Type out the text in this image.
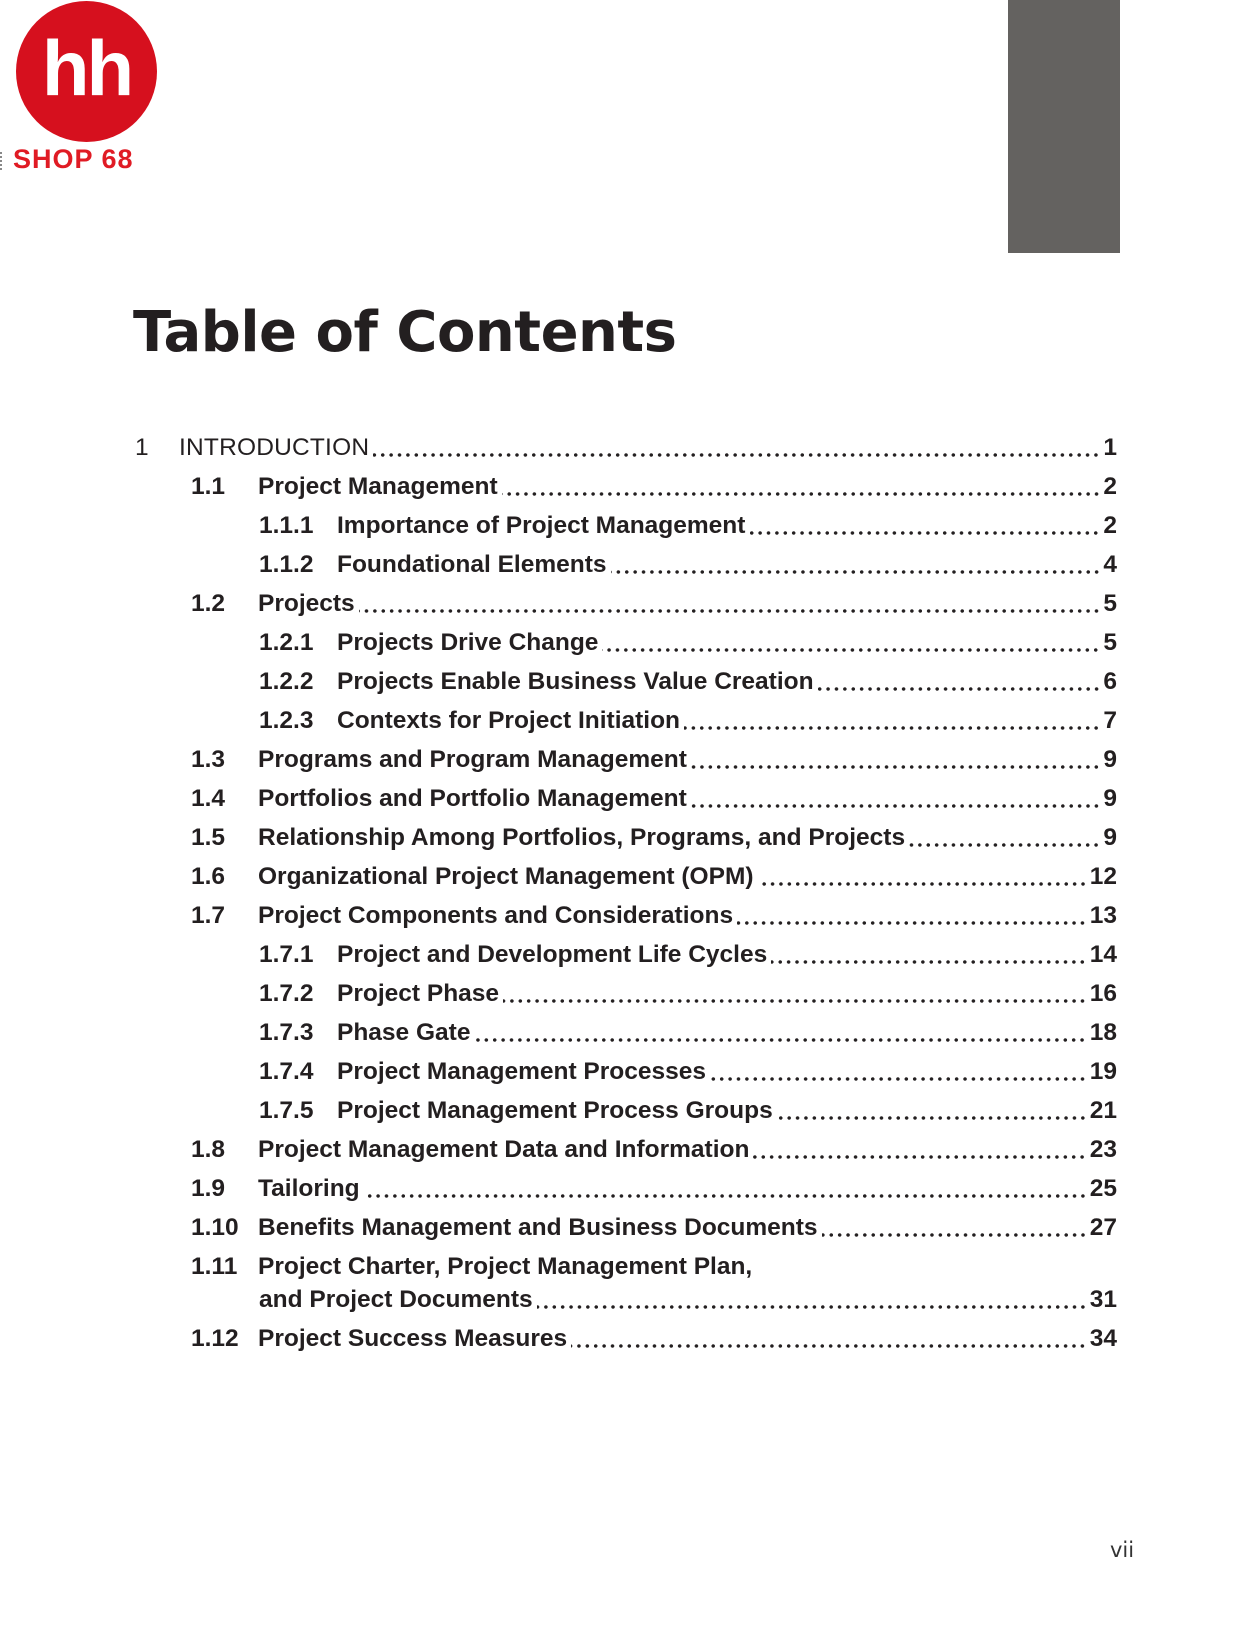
hh
SHOP 68
Table of Contents
1	INTRODUCTION	1
1.1	Project Management	2
1.1.1 Importance of Project Management	2
1.1.2 Foundational Elements	4
1.2	Projects	5
1.2.1 Projects Drive Change	5
1.2.2 Projects Enable Business Value Creation	6
1.2.3 Contexts for Project Initiation	7
1.3	Programs and Program Management	9
1.4	Portfolios and Portfolio Management	9
1.5	Relationship Among Portfolios, Programs, and Projects	9
1.6	Organizational Project Management (OPM)	12
1.7	Project Components and Considerations	13
1.7.1 Project and Development Life Cycles	14
1.7.2 Project Phase	16
1.7.3 Phase Gate	18
1.7.4 Project Management Processes	19
1.7.5 Project Management Process Groups	21
1.8	Project Management Data and Information	23
1.9	Tailoring	25
1.10 Benefits Management and Business Documents	27
1.11 Project Charter, Project Management Plan,
and Project Documents	31
1.12 Project Success Measures	34
vii
